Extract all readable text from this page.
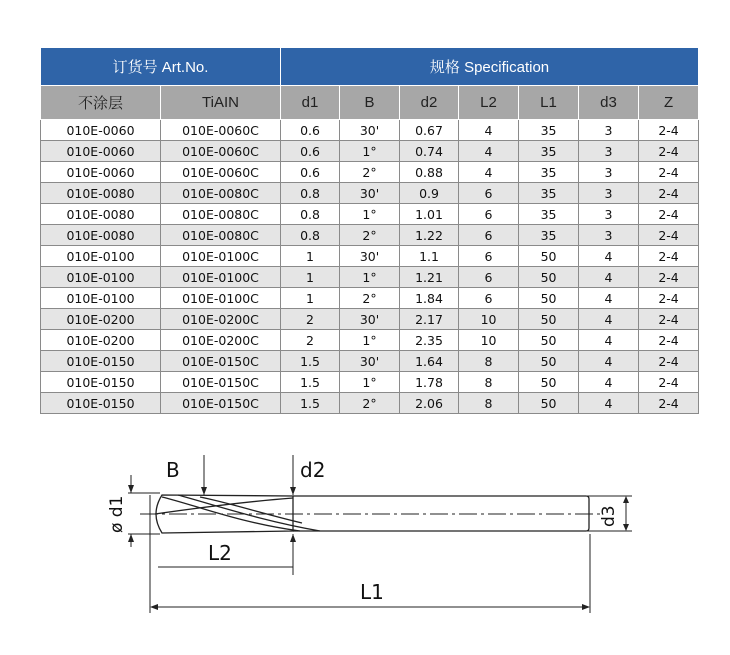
订货号 Art.No.		规格 Specification						
不涂层	TiAIN	d1	B	d2	L2	L1	d3	Z
010E-0060	010E-0060C	0.6	30'	0.67	4	35	3	2-4
010E-0060	010E-0060C	0.6	1°	0.74	4	35	3	2-4
010E-0060	010E-0060C	0.6	2°	0.88	4	35	3	2-4
010E-0080	010E-0080C	0.8	30'	0.9	6	35	3	2-4
010E-0080	010E-0080C	0.8	1°	1.01	6	35	3	2-4
010E-0080	010E-0080C	0.8	2°	1.22	6	35	3	2-4
010E-0100	010E-0100C	1	30'	1.1	6	50	4	2-4
010E-0100	010E-0100C	1	1°	1.21	6	50	4	2-4
010E-0100	010E-0100C	1	2°	1.84	6	50	4	2-4
010E-0200	010E-0200C	2	30'	2.17	10	50	4	2-4
010E-0200	010E-0200C	2	1°	2.35	10	50	4	2-4
010E-0150	010E-0150C	1.5	30'	1.64	8	50	4	2-4
010E-0150	010E-0150C	1.5	1°	1.78	8	50	4	2-4
010E-0150	010E-0150C	1.5	2°	2.06	8	50	4	2-4
B	d2
ø d1
L2
L1
d3
